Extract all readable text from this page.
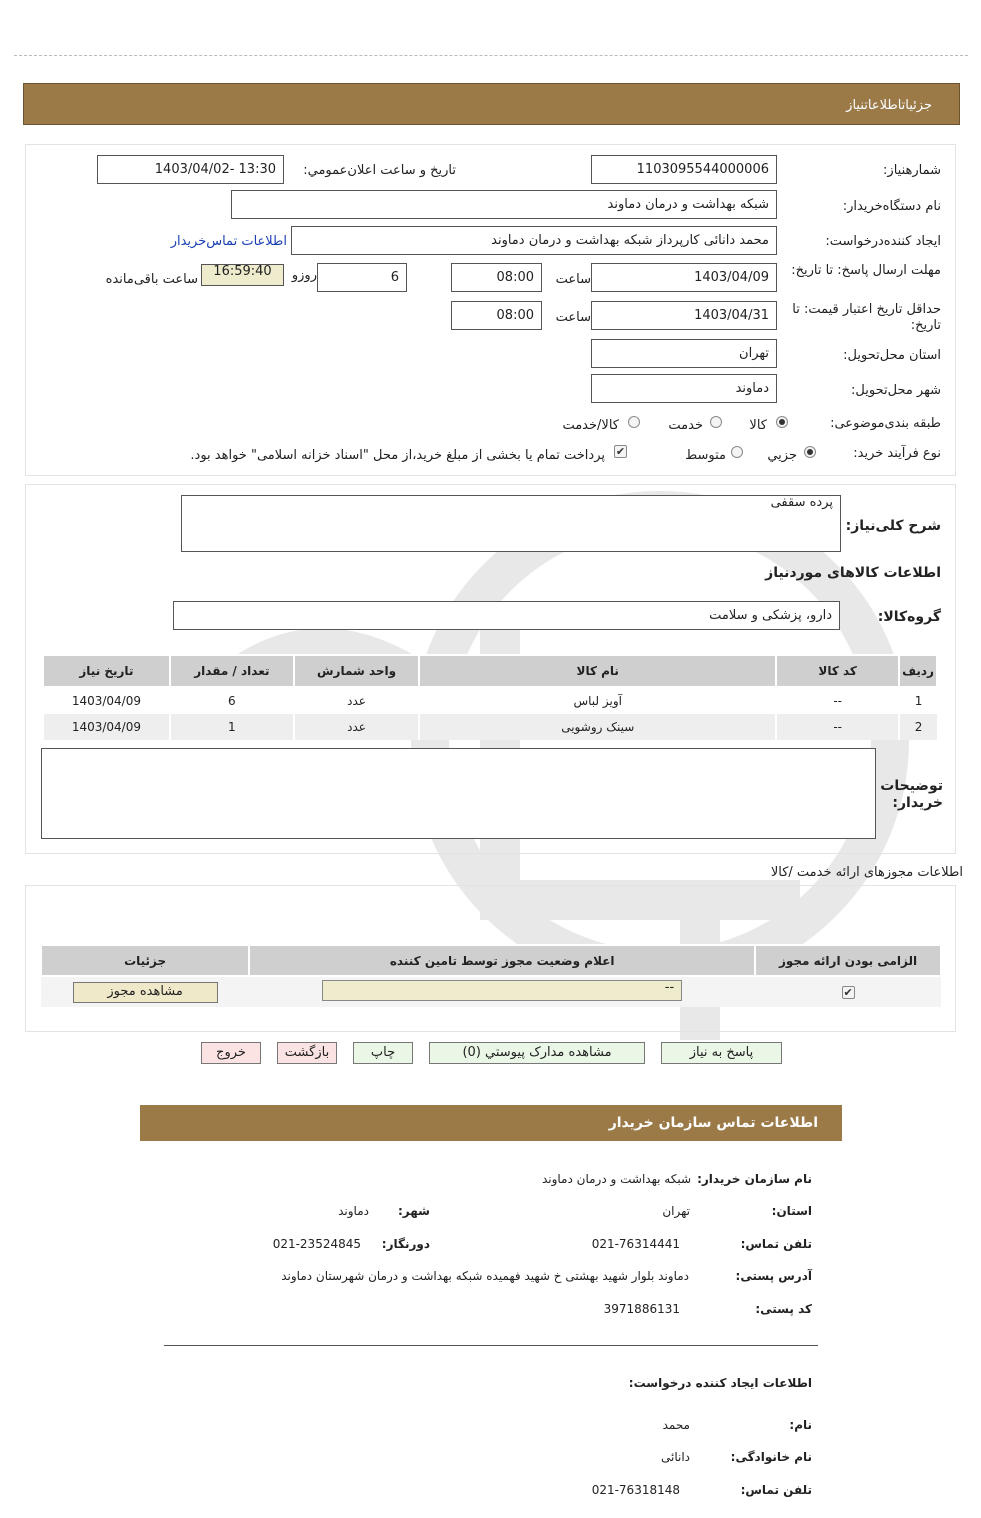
جزئیاتاطلاعاتنیاز
شمارهنیاز:
1103095544000006
تاريخ و ساعت اعلان‌عمومي:
1403/04/02- 13:30
نام دستگاه‌خريدار:
شبکه بهداشت و درمان دماوند
ايجاد کننده‌درخواست:
محمد دانائی کارپرداز شبکه بهداشت و درمان دماوند
اطلاعات تماس‌خريدار
مهلت ارسال پاسخ: تا تاریخ:
1403/04/09
ساعت
08:00
6
روزو
16:59:40
ساعت باقی‌مانده
حداقل تاريخ اعتبار قيمت: تا تاريخ:
1403/04/31
ساعت
08:00
استان محل‌تحويل:
تهران
شهر محل‌تحويل:
دماوند
طبقه بندی‌موضوعی:
کالا
خدمت
کالا/خدمت
نوع فرآيند خريد:
جزيي
متوسط
✔
پرداخت تمام یا بخشی از مبلغ خرید،از محل "اسناد خزانه اسلامی" خواهد بود.
شرح کلی‌نياز:
پرده سقفی
اطلاعات کالاهای موردنياز
گروه‌کالا:
دارو، پزشکی و سلامت
رديف	کد کالا	نام کالا	واحد شمارش	تعداد / مقدار	تاريخ نياز
1	--	آویز لباس	عدد	6	1403/04/09
2	--	سینک روشویی	عدد	1	1403/04/09
توضيحات خريدار:
اطلاعات مجوزهای ارائه خدمت /کالا
الزامی بودن ارائه مجوز	اعلام وضعيت مجوز توسط تامين کننده	جزئيات
✔	--	مشاهده مجوز
پاسخ به نياز
مشاهده مدارک پيوستي (0)
چاپ
بازگشت
خروج
اطلاعات تماس سازمان خريدار
نام سازمان خريدار:
شبکه بهداشت و درمان دماوند
استان:
تهران
شهر:
دماوند
تلفن تماس:
021-76314441
دورنگار:
021-23524845
آدرس پستی:
دماوند بلوار شهید بهشتی خ شهید فهمیده شبکه بهداشت و درمان شهرستان دماوند
کد پستی:
3971886131
اطلاعات ایجاد کننده درخواست:
نام:
محمد
نام خانوادگی:
دانائی
تلفن تماس:
021-76318148
